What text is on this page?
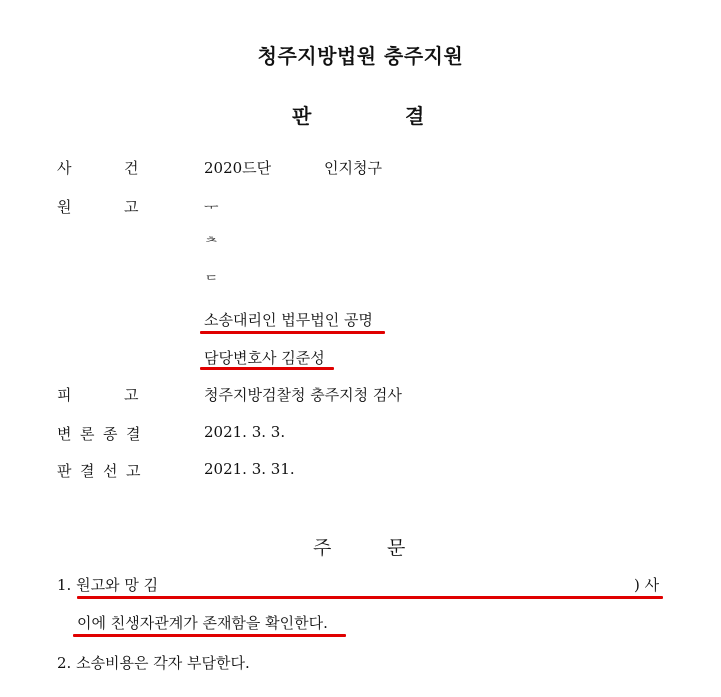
청주지방법원 충주지원
판	결
사	건	2020드단	인지청구
원	고	ᅮ
ᄎ
ᄃ
소송대리인 법무법인 공명
담당변호사 김준성
피	고	청주지방검찰청 충주지청 검사
변 론 종 결	2021. 3. 3.
판 결 선 고	2021. 3. 31.
주	문
1. 원고와 망 김	) 사
이에 친생자관계가 존재함을 확인한다.
2. 소송비용은 각자 부담한다.
